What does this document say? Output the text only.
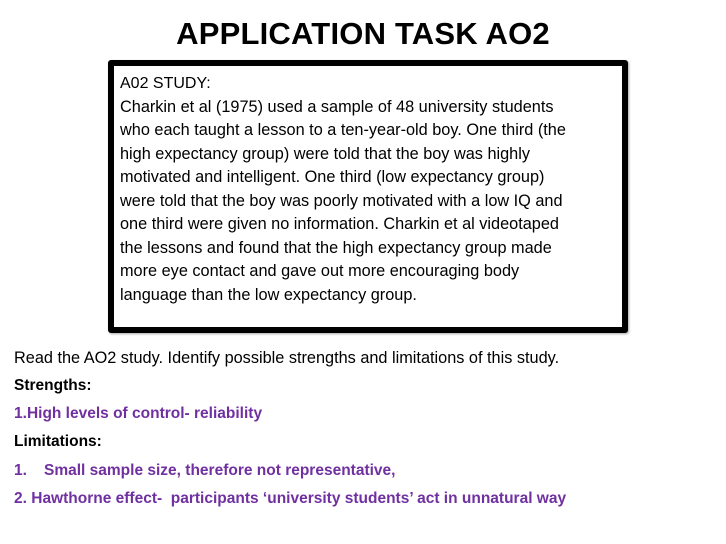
APPLICATION TASK AO2
A02 STUDY:
Charkin et al (1975) used a sample of 48 university students
who each taught a lesson to a ten-year-old boy. One third (the
high expectancy group) were told that the boy was highly
motivated and intelligent. One third (low expectancy group)
were told that the boy was poorly motivated with a low IQ and
one third were given no information. Charkin et al videotaped
the lessons and found that the high expectancy group made
more eye contact and gave out more encouraging body
language than the low expectancy group.
Read the AO2 study. Identify possible strengths and limitations of this study.
Strengths:
1.High levels of control- reliability
Limitations:
1. Small sample size, therefore not representative,
2. Hawthorne effect-  participants ‘university students’ act in unnatural way
